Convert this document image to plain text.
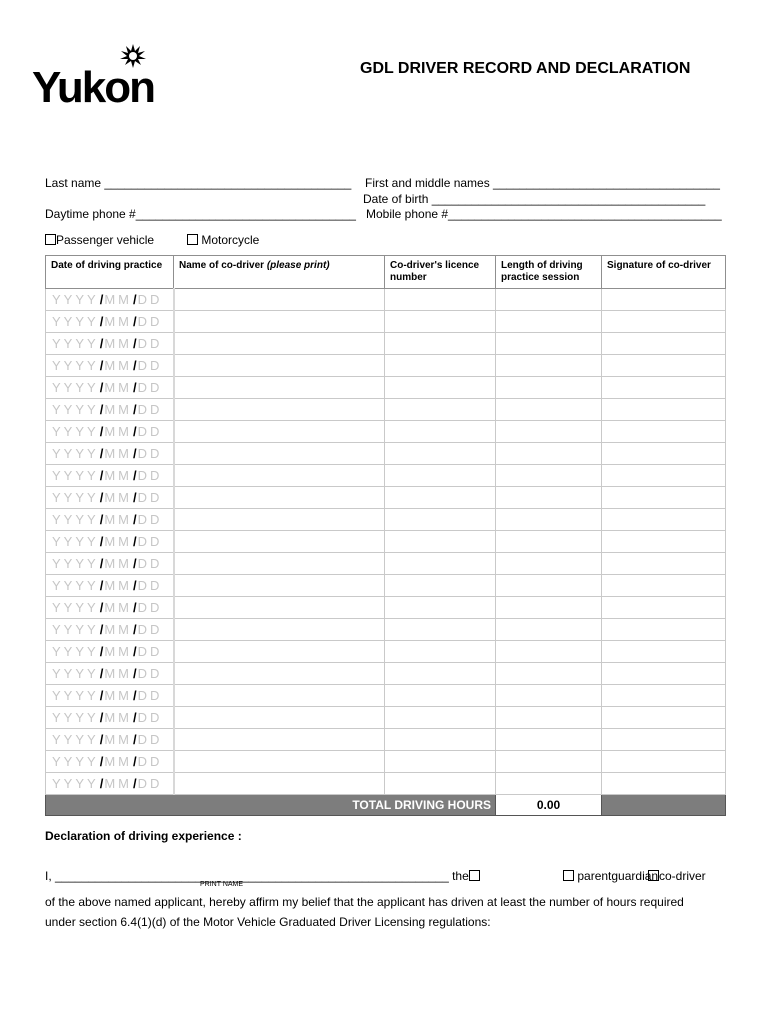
Yukon	GDL DRIVER RECORD AND DECLARATION
Last name _____________________________________ First and middle names __________________________________
Date of birth _________________________________________
Daytime phone #_________________________________ Mobile phone #_________________________________________
Passenger vehicle	Motorcycle
Date of driving practice	Name of co-driver (please print)	Co-driver's licence number	Length of driving practice session	Signature of co-driver
YYYY/MM/DD				
YYYY/MM/DD				
YYYY/MM/DD				
YYYY/MM/DD				
YYYY/MM/DD				
YYYY/MM/DD				
YYYY/MM/DD				
YYYY/MM/DD				
YYYY/MM/DD				
YYYY/MM/DD				
YYYY/MM/DD				
YYYY/MM/DD				
YYYY/MM/DD				
YYYY/MM/DD				
YYYY/MM/DD				
YYYY/MM/DD				
YYYY/MM/DD				
YYYY/MM/DD				
YYYY/MM/DD				
YYYY/MM/DD				
YYYY/MM/DD				
YYYY/MM/DD				
YYYY/MM/DD				
TOTAL DRIVING HOURS			0.00	
Declaration of driving experience :
I, ___________________________________________________________ the	parentguardian co-driver
PRINT NAME
of the above named applicant, hereby affirm my belief that the applicant has driven at least the number of hours required
under section 6.4(1)(d) of the Motor Vehicle Graduated Driver Licensing regulations:
